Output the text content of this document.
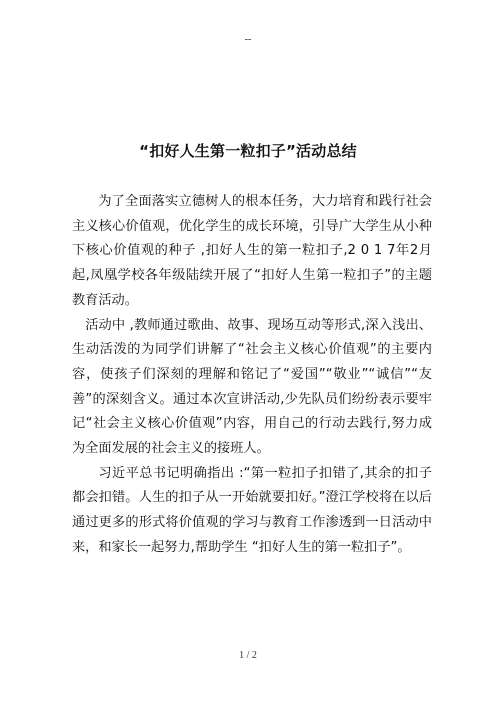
--
“扣好人生第一粒扣子”活动总结

为了全面落实立德树人的根本任务，大力培育和践行社会主义核心价值观，优化学生的成长环境，引导广大学生从小种下核心价值观的种子 ,扣好人生的第一粒扣子,2 0 1 7年2月起,凤凰学校各年级陆续开展了“扣好人生第一粒扣子”的主题教育活动。

活动中 ,教师通过歌曲、故事、现场互动等形式,深入浅出、生动活泼的为同学们讲解了“社会主义核心价值观”的主要内容，使孩子们深刻的理解和铭记了“爱国”“敬业”“诚信”“友善”的深刻含义。通过本次宣讲活动,少先队员们纷纷表示要牢记“社会主义核心价值观”内容，用自己的行动去践行,努力成为全面发展的社会主义的接班人。

习近平总书记明确指出 :“第一粒扣子扣错了,其余的扣子都会扣错。人生的扣子从一开始就要扣好。”澄江学校将在以后通过更多的形式将价值观的学习与教育工作渗透到一日活动中来，和家长一起努力,帮助学生 “扣好人生的第一粒扣子”。

1 / 2
